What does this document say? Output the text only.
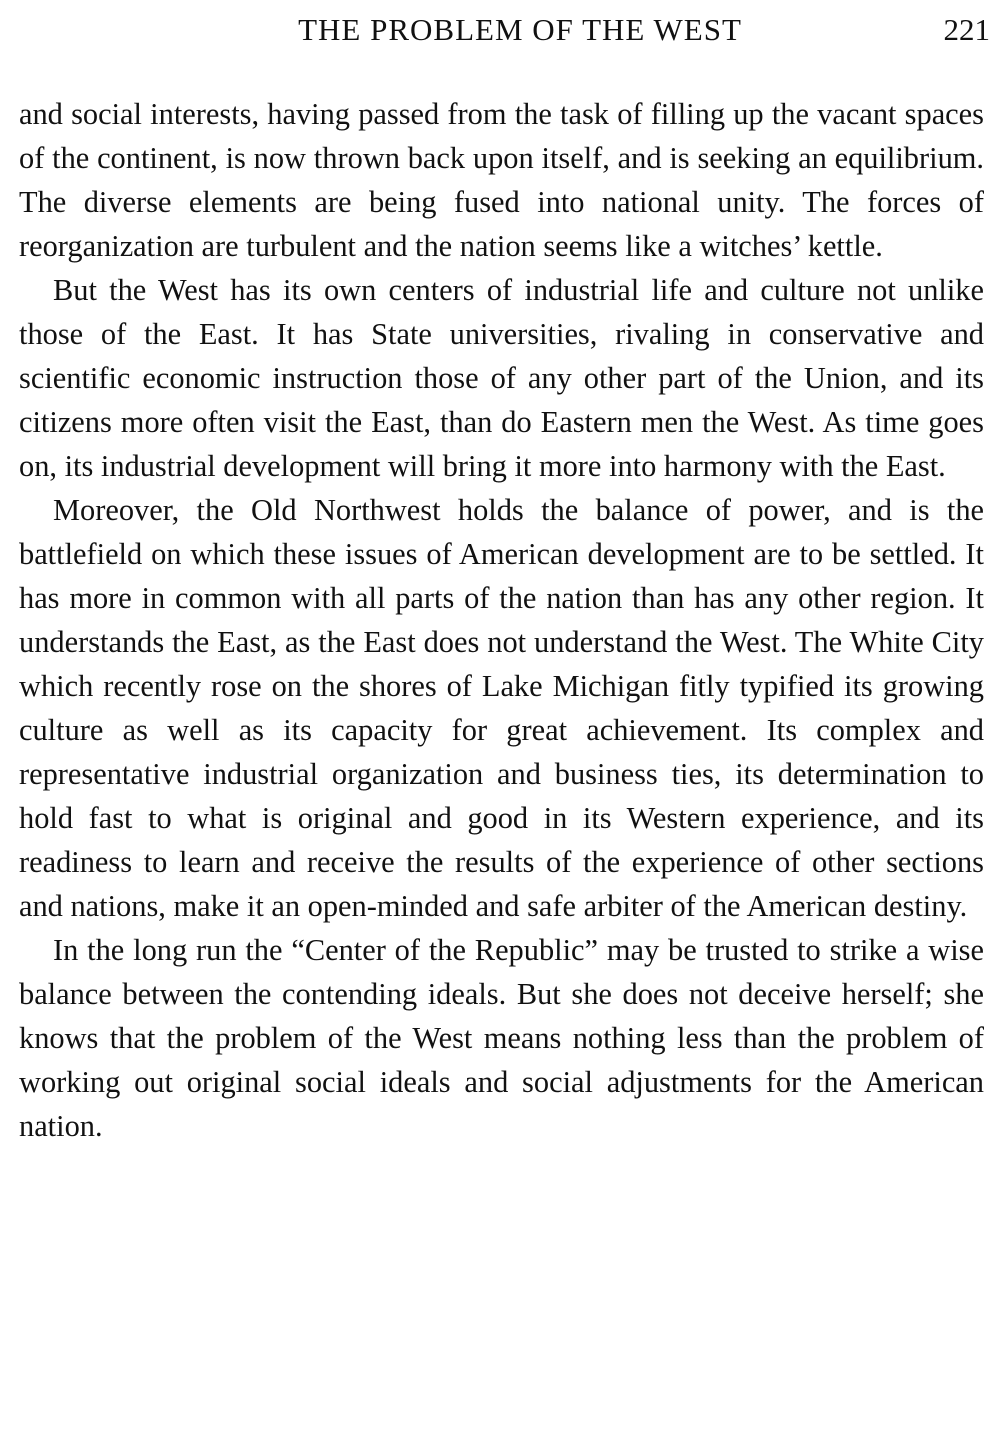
THE PROBLEM OF THE WEST	221

and social interests, having passed from the task of filling up the vacant spaces of the continent, is now thrown back upon itself, and is seeking an equilibrium. The diverse elements are being fused into national unity. The forces of reorganization are turbulent and the nation seems like a witches’ kettle.

But the West has its own centers of industrial life and culture not unlike those of the East. It has State universities, rivaling in conservative and scientific economic instruction those of any other part of the Union, and its citizens more often visit the East, than do Eastern men the West. As time goes on, its industrial development will bring it more into harmony with the East.

Moreover, the Old Northwest holds the balance of power, and is the battlefield on which these issues of American development are to be settled. It has more in common with all parts of the nation than has any other region. It understands the East, as the East does not understand the West. The White City which recently rose on the shores of Lake Michigan fitly typified its growing culture as well as its capacity for great achievement. Its complex and representative industrial organization and business ties, its determination to hold fast to what is original and good in its Western experience, and its readiness to learn and receive the results of the experience of other sections and nations, make it an open-minded and safe arbiter of the American destiny.

In the long run the “Center of the Republic” may be trusted to strike a wise balance between the contending ideals. But she does not deceive herself; she knows that the problem of the West means nothing less than the problem of working out original social ideals and social adjustments for the American nation.
